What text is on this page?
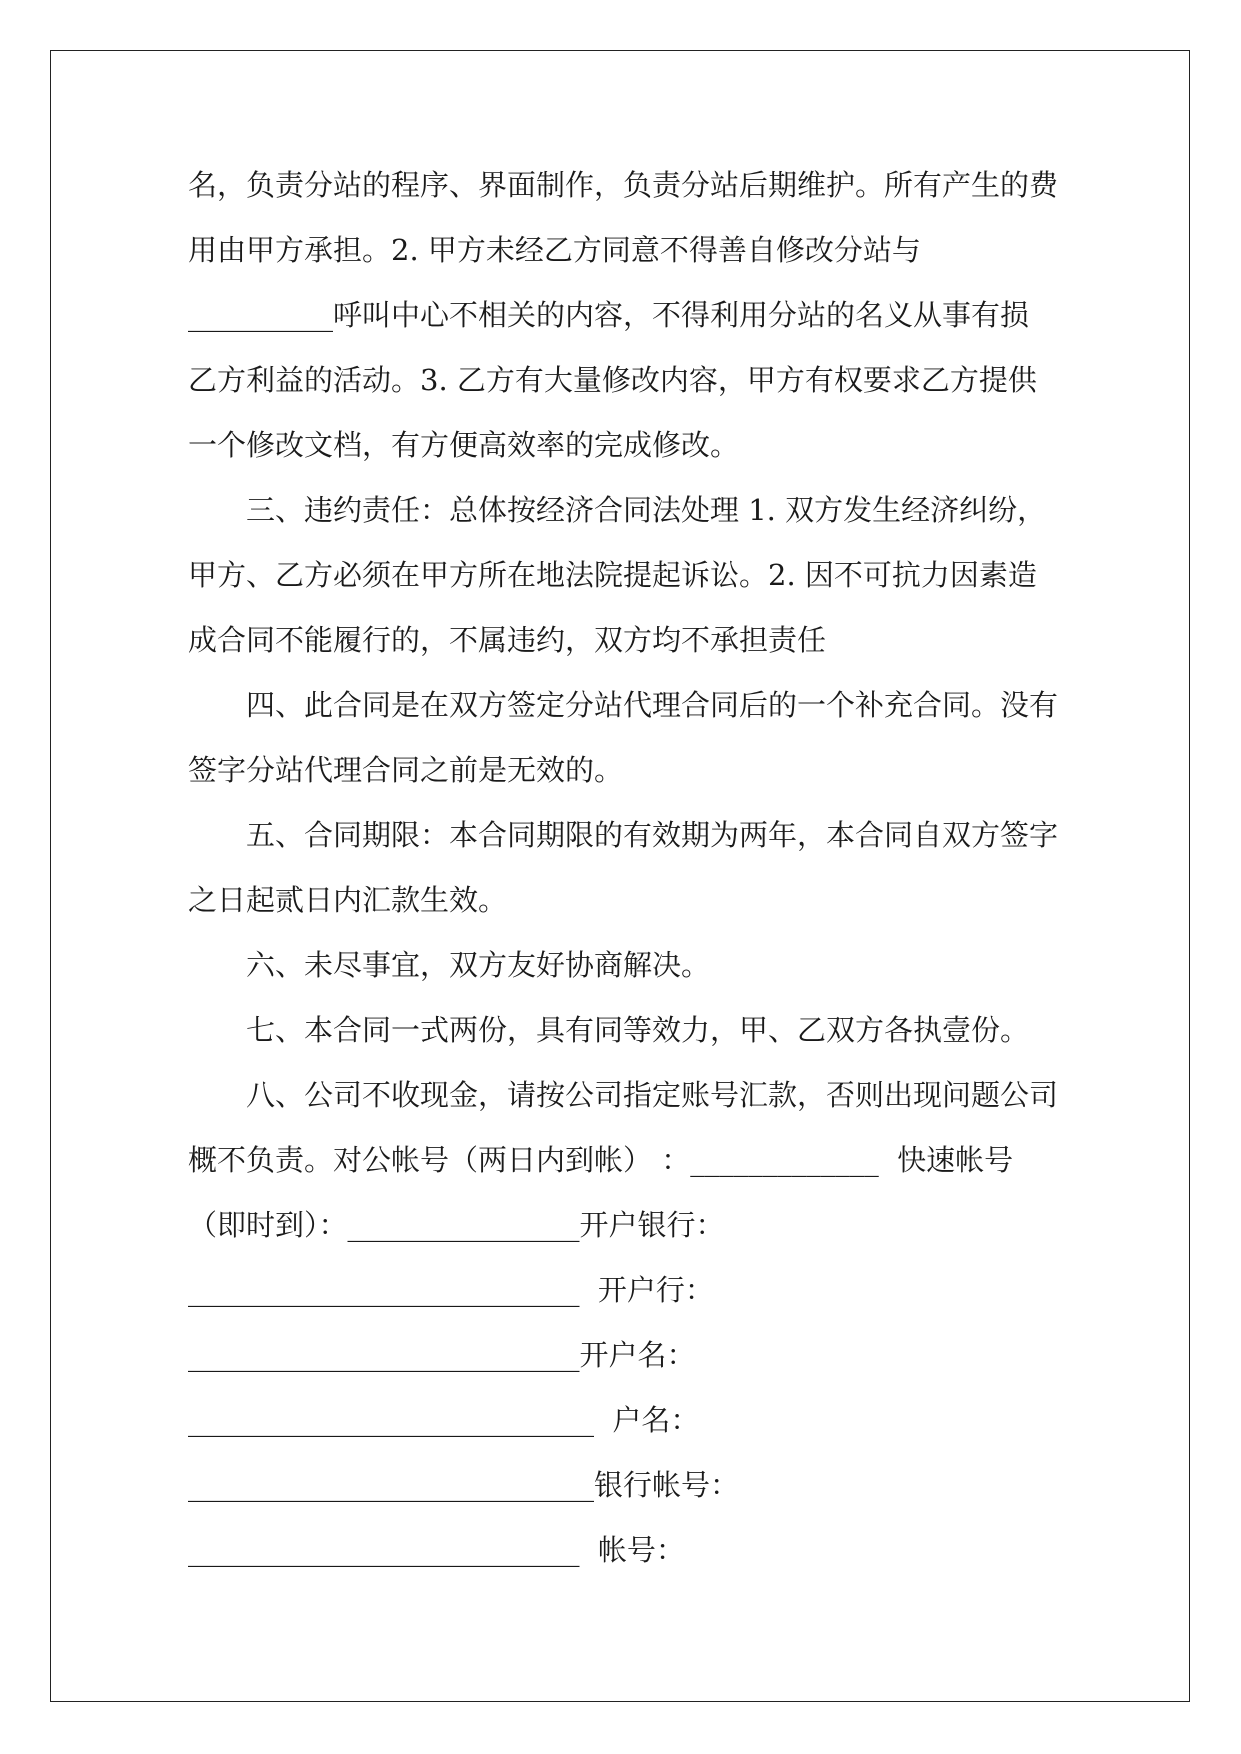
名，负责分站的程序、界面制作，负责分站后期维护。所有产生的费
用由甲方承担。2. 甲方未经乙方同意不得善自修改分站与
__________呼叫中心不相关的内容，不得利用分站的名义从事有损
乙方利益的活动。3. 乙方有大量修改内容，甲方有权要求乙方提供
一个修改文档，有方便高效率的完成修改。
三、违约责任：总体按经济合同法处理 1. 双方发生经济纠纷，
甲方、乙方必须在甲方所在地法院提起诉讼。2. 因不可抗力因素造
成合同不能履行的，不属违约，双方均不承担责任
四、此合同是在双方签定分站代理合同后的一个补充合同。没有
签字分站代理合同之前是无效的。
五、合同期限：本合同期限的有效期为两年，本合同自双方签字
之日起贰日内汇款生效。
六、未尽事宜，双方友好协商解决。
七、本合同一式两份，具有同等效力，甲、乙双方各执壹份。
八、公司不收现金，请按公司指定账号汇款，否则出现问题公司
概不负责。对公帐号（两日内到帐） ：_____________  快速帐号
（即时到）：________________开户银行：
___________________________  开户行：
___________________________开户名：
____________________________  户名：
____________________________银行帐号：
___________________________  帐号：
